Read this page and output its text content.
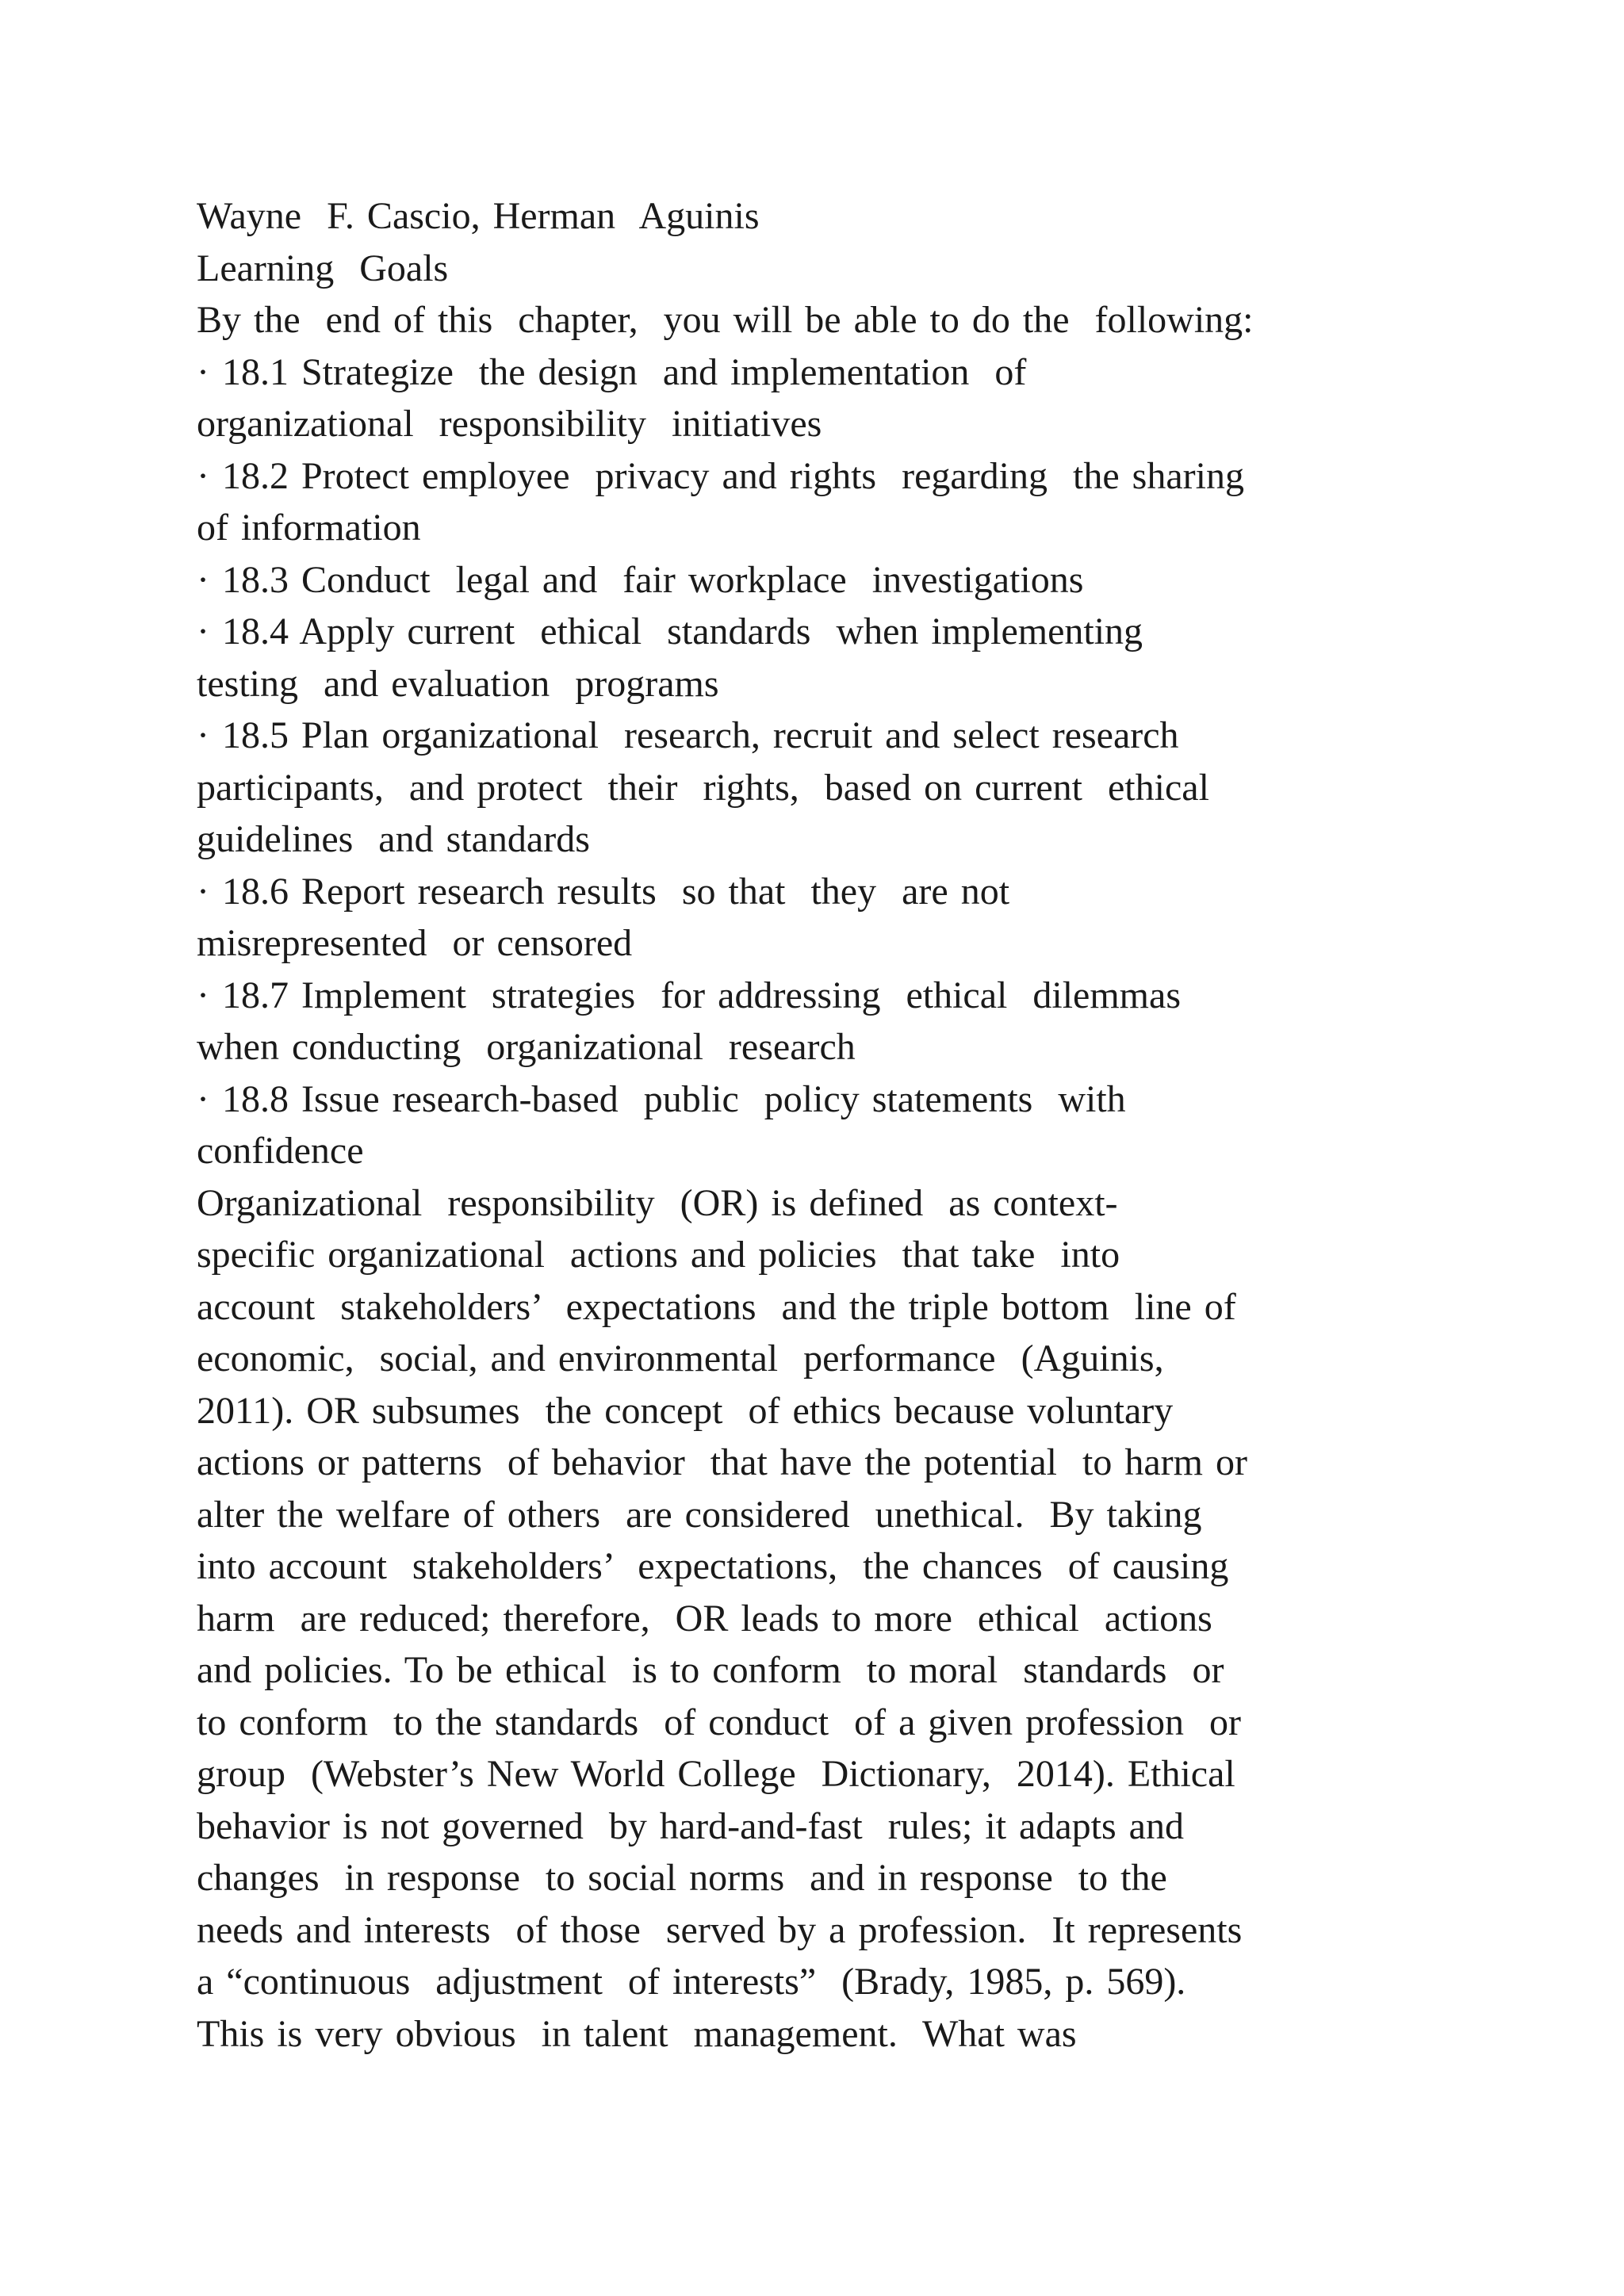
Wayne  F. Cascio, Herman  Aguinis
Learning  Goals
By the  end of this  chapter,  you will be able to do the  following:
· 18.1 Strategize  the design  and implementation  of
organizational  responsibility  initiatives
· 18.2 Protect employee  privacy and rights  regarding  the sharing
of information
· 18.3 Conduct  legal and  fair workplace  investigations
· 18.4 Apply current  ethical  standards  when implementing
testing  and evaluation  programs
· 18.5 Plan organizational  research, recruit and select research
participants,  and protect  their  rights,  based on current  ethical
guidelines  and standards
· 18.6 Report research results  so that  they  are not
misrepresented  or censored
· 18.7 Implement  strategies  for addressing  ethical  dilemmas
when conducting  organizational  research
· 18.8 Issue research-based  public  policy statements  with
confidence
Organizational  responsibility  (OR) is defined  as context-
specific organizational  actions and policies  that take  into
account  stakeholders’  expectations  and the triple bottom  line of
economic,  social, and environmental  performance  (Aguinis,
2011). OR subsumes  the concept  of ethics because voluntary
actions or patterns  of behavior  that have the potential  to harm or
alter the welfare of others  are considered  unethical.  By taking
into account  stakeholders’  expectations,  the chances  of causing
harm  are reduced; therefore,  OR leads to more  ethical  actions
and policies. To be ethical  is to conform  to moral  standards  or
to conform  to the standards  of conduct  of a given profession  or
group  (Webster’s New World College  Dictionary,  2014). Ethical
behavior is not governed  by hard-and-fast  rules; it adapts and
changes  in response  to social norms  and in response  to the
needs and interests  of those  served by a profession.  It represents
a “continuous  adjustment  of interests”  (Brady, 1985, p. 569).
This is very obvious  in talent  management.  What was
